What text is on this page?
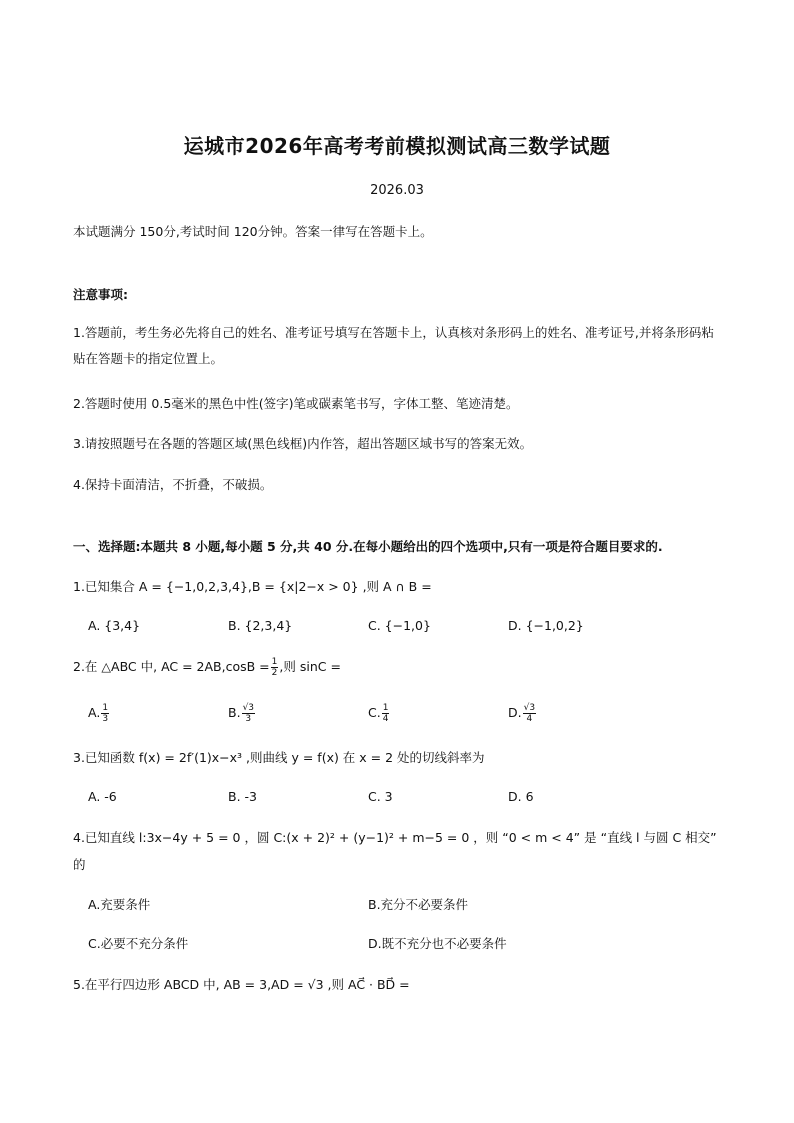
运城市2026年高考考前模拟测试高三数学试题
2026.03
本试题满分 150分,考试时间 120分钟。答案一律写在答题卡上。
注意事项:
1.答题前，考生务必先将自己的姓名、准考证号填写在答题卡上，认真核对条形码上的姓名、准考证号,并将条形码粘贴在答题卡的指定位置上。
2.答题时使用 0.5毫米的黑色中性(签字)笔或碳素笔书写，字体工整、笔迹清楚。
3.请按照题号在各题的答题区域(黑色线框)内作答，超出答题区域书写的答案无效。
4.保持卡面清洁，不折叠，不破损。
一、选择题:本题共 8 小题,每小题 5 分,共 40 分.在每小题给出的四个选项中,只有一项是符合题目要求的.
1.已知集合 A = {−1,0,2,3,4},B = {x|2−x > 0} ,则 A ∩ B =
A. {3,4}	B. {2,3,4}	C. {−1,0}	D. {−1,0,2}
2.在 △ABC 中, AC = $2AB,\cos B = \frac{1}{2}$ ,则 sinC =
A. $\frac{1}{3}$	B. $\frac{√3}{3}$	C. $\frac{1}{4}$	D. $\frac{√3}{4}$
3.已知函数 f(x) = 2f′(1)x−x³ ,则曲线 y = f(x) 在 x = 2 处的切线斜率为
A. -6	B. -3	C. 3	D. 6
4.已知直线 l:3x−4y + 5 = 0 ，圆 C:(x + 2)² + (y−1)² + m−5 = 0 ，则 “0 < m < 4” 是 “直线 l 与圆 C 相交”
的
A.充要条件	B.充分不必要条件
C.必要不充分条件	D.既不充分也不必要条件
5.在平行四边形 ABCD 中, AB = 3,AD = √3 ,则 AC⃗ · BD⃗ =
